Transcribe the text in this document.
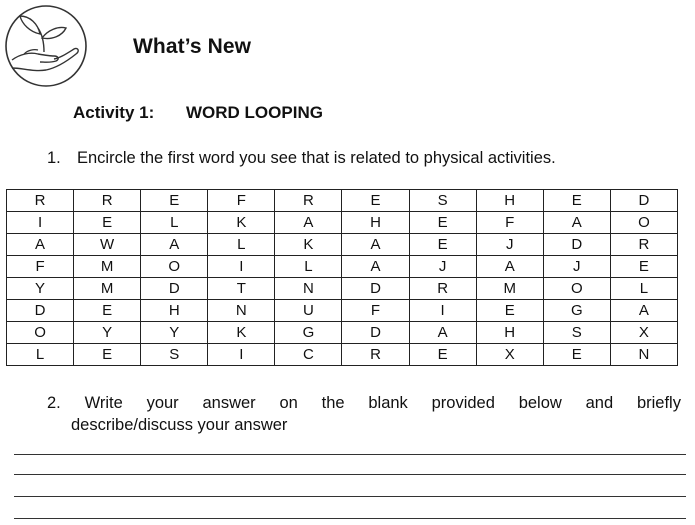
What’s New
Activity 1: WORD LOOPING
1. Encircle the first word you see that is related to physical activities.
R	R	E	F	R	E	S	H	E	D
I	E	L	K	A	H	E	F	A	O
A	W	A	L	K	A	E	J	D	R
F	M	O	I	L	A	J	A	J	E
Y	M	D	T	N	D	R	M	O	L
D	E	H	N	U	F	I	E	G	A
O	Y	Y	K	G	D	A	H	S	X
L	E	S	I	C	R	E	X	E	N
2. Write your answer on the blank provided below and briefly
describe/discuss your answer
